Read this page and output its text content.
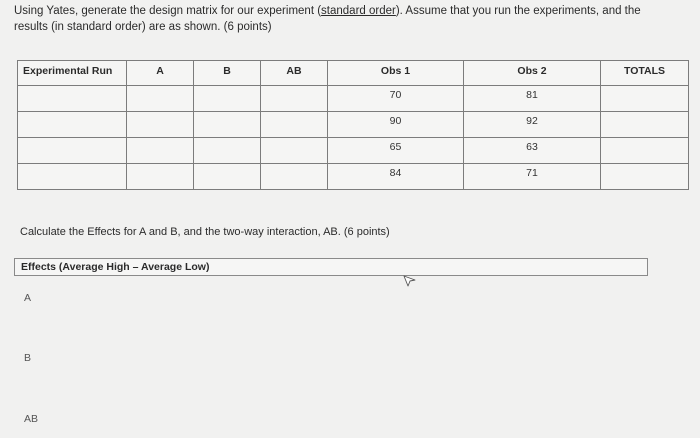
Using Yates, generate the design matrix for our experiment (standard order). Assume that you run the experiments, and the results (in standard order) are as shown. (6 points)
Experimental Run	A	B	AB	Obs 1	Obs 2	TOTALS
				70	81	
				90	92	
				65	63	
				84	71	
Calculate the Effects for A and B, and the two-way interaction, AB. (6 points)
Effects (Average High – Average Low)
A
B
AB
